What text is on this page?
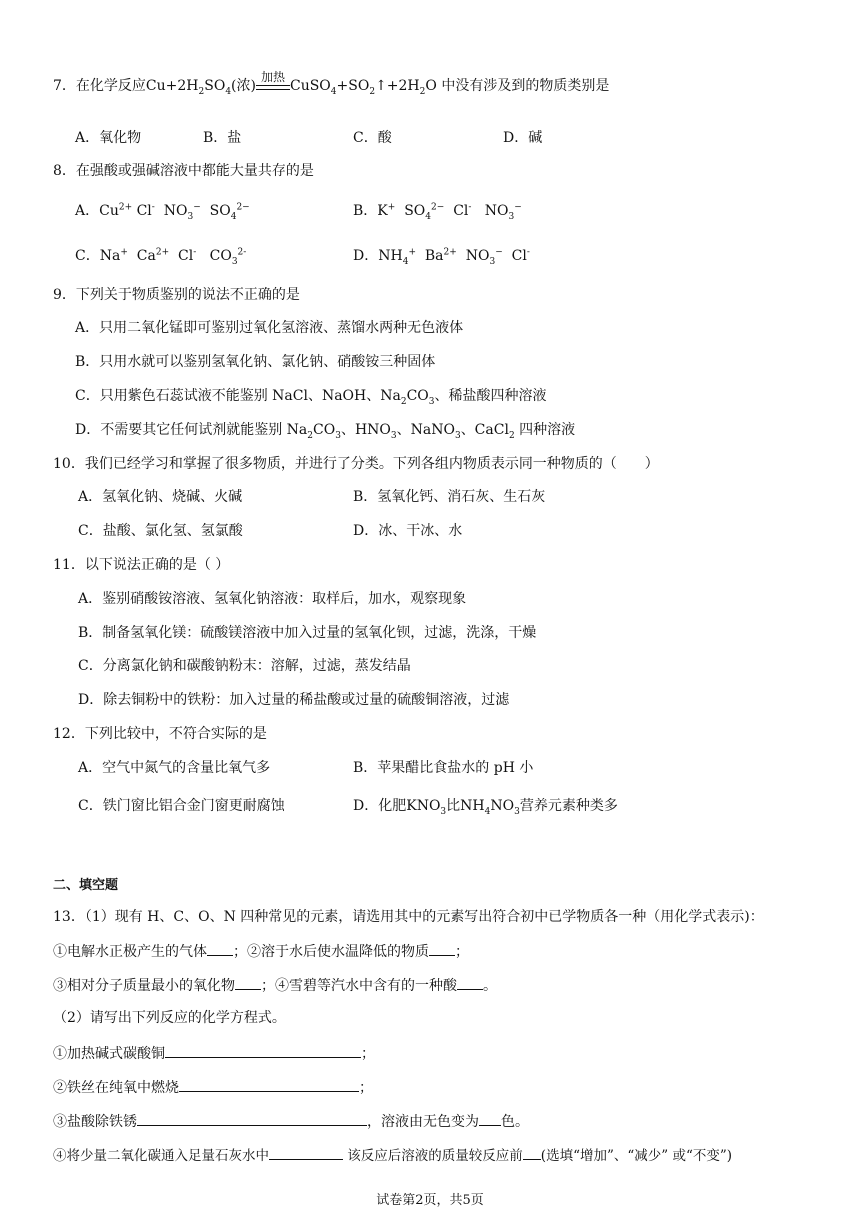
7．在化学反应$Cu+2H_2SO_4$(浓)
加热
$CuSO_4+SO_2↑+2H_2O$ 中没有涉及到的物质类别是
A．氧化物	B．盐	C．酸	D．碱
8．在强酸或强碱溶液中都能大量共存的是
A．$Cu^{2+}$ Cl-  $NO_3^-$  $SO_4^{2-}$	B．K+  $SO_4^{2-}$  Cl-   $NO_3^-$
C．Na+  $Ca^{2+}$  Cl-   $CO_3^{2-}$	D．$NH_4^+$  $Ba^{2+}$  $NO_3^-$  Cl-
9．下列关于物质鉴别的说法不正确的是
A．只用二氧化锰即可鉴别过氧化氢溶液、蒸馏水两种无色液体
B．只用水就可以鉴别氢氧化钠、氯化钠、硝酸铵三种固体
C．只用紫色石蕊试液不能鉴别 NaCl、NaOH、$Na_2CO_3$、稀盐酸四种溶液
D．不需要其它任何试剂就能鉴别 $Na_2CO_3$、$HNO_3$、NaNO$_3$、CaCl$_2$ 四种溶液
10．我们已经学习和掌握了很多物质，并进行了分类。下列各组内物质表示同一种物质的（　　）
A．氢氧化钠、烧碱、火碱	B．氢氧化钙、消石灰、生石灰
C．盐酸、氯化氢、氢氯酸	D．冰、干冰、水
11．以下说法正确的是（ ）
A．鉴别硝酸铵溶液、氢氧化钠溶液：取样后，加水，观察现象
B．制备氢氧化镁：硫酸镁溶液中加入过量的氢氧化钡，过滤，洗涤，干燥
C．分离氯化钠和碳酸钠粉末：溶解，过滤，蒸发结晶
D．除去铜粉中的铁粉：加入过量的稀盐酸或过量的硫酸铜溶液，过滤
12．下列比较中，不符合实际的是
A．空气中氮气的含量比氧气多	B．苹果醋比食盐水的 pH 小
C．铁门窗比铝合金门窗更耐腐蚀	D．化肥$KNO_3$比$NH_4NO_3$营养元素种类多
二、填空题
13．（1）现有 H、C、O、N 四种常见的元素，请选用其中的元素写出符合初中已学物质各一种（用化学式表示)：
①电解水正极产生的气体 ；②溶于水后使水温降低的物质 ；
③相对分子质量最小的氧化物 ；④雪碧等汽水中含有的一种酸 。
（2）请写出下列反应的化学方程式。
①加热碱式碳酸铜	；
②铁丝在纯氧中燃烧	；
③盐酸除铁锈	，溶液由无色变为 色。
④将少量二氧化碳通入足量石灰水中	该反应后溶液的质量较反应前 (选填“增加”、“减少” 或“不变”)
试卷第2页，共5页
